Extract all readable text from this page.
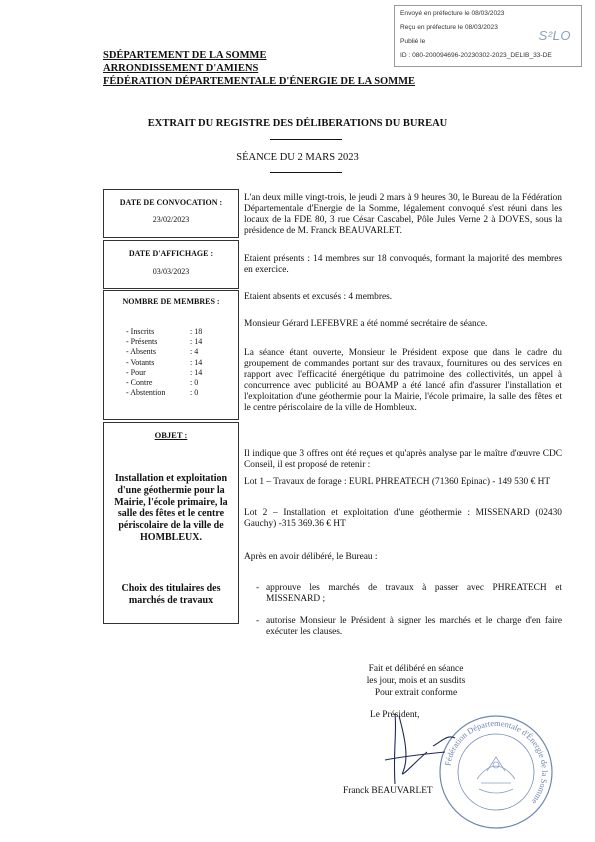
Envoyé en préfecture le 08/03/2023
Reçu en préfecture le 08/03/2023
Publié le
ID : 080-200094696-20230302-2023_DELIB_33-DE
S²LO
SDÉPARTEMENT DE LA SOMME
ARRONDISSEMENT D'AMIENS
FÉDÉRATION DÉPARTEMENTALE D'ÉNERGIE DE LA SOMME
EXTRAIT DU REGISTRE DES DÉLIBERATIONS DU BUREAU
SÉANCE DU 2 MARS 2023
DATE DE CONVOCATION :
23/02/2023
DATE D'AFFICHAGE :
03/03/2023
NOMBRE DE MEMBRES :
- Inscrits	: 18
- Présents	: 14
- Absents	: 4
- Votants	: 14
- Pour	: 14
- Contre	: 0
- Abstention	: 0
OBJET :
Installation et exploitation d'une géothermie pour la Mairie, l'école primaire, la salle des fêtes et le centre périscolaire de la ville de HOMBLEUX.
Choix des titulaires des marchés de travaux
L'an deux mille vingt-trois, le jeudi 2 mars à 9 heures 30, le Bureau de la Fédération Départementale d'Energie de la Somme, légalement convoqué s'est réuni dans les locaux de la FDE 80, 3 rue César Cascabel, Pôle Jules Verne 2 à DOVES, sous la présidence de M. Franck BEAUVARLET.
Etaient présents : 14 membres sur 18 convoqués, formant la majorité des membres en exercice.
Etaient absents et excusés : 4 membres.
Monsieur Gérard LEFEBVRE a été nommé secrétaire de séance.
La séance étant ouverte, Monsieur le Président expose que dans le cadre du groupement de commandes portant sur des travaux, fournitures ou des services en rapport avec l'efficacité énergétique du patrimoine des collectivités, un appel à concurrence avec publicité au BOAMP a été lancé afin d'assurer l'installation et l'exploitation d'une géothermie pour la Mairie, l'école primaire, la salle des fêtes et le centre périscolaire de la ville de Hombleux.
Il indique que 3 offres ont été reçues et qu'après analyse par le maître d'œuvre CDC Conseil, il est proposé de retenir :
Lot 1 – Travaux de forage : EURL PHREATECH (71360 Epinac) - 149 530 € HT
Lot 2 – Installation et exploitation d'une géothermie : MISSENARD (02430 Gauchy) -315 369.36 € HT
Après en avoir délibéré, le Bureau :
- approuve les marchés de travaux à passer avec PHREATECH et MISSENARD ;
- autorise Monsieur le Président à signer les marchés et le charge d'en faire exécuter les clauses.
Fait et délibéré en séance
les jour, mois et an susdits
Pour extrait conforme
Le Président,
Fédération Départementale d'Énergie de la Somme
Franck BEAUVARLET
